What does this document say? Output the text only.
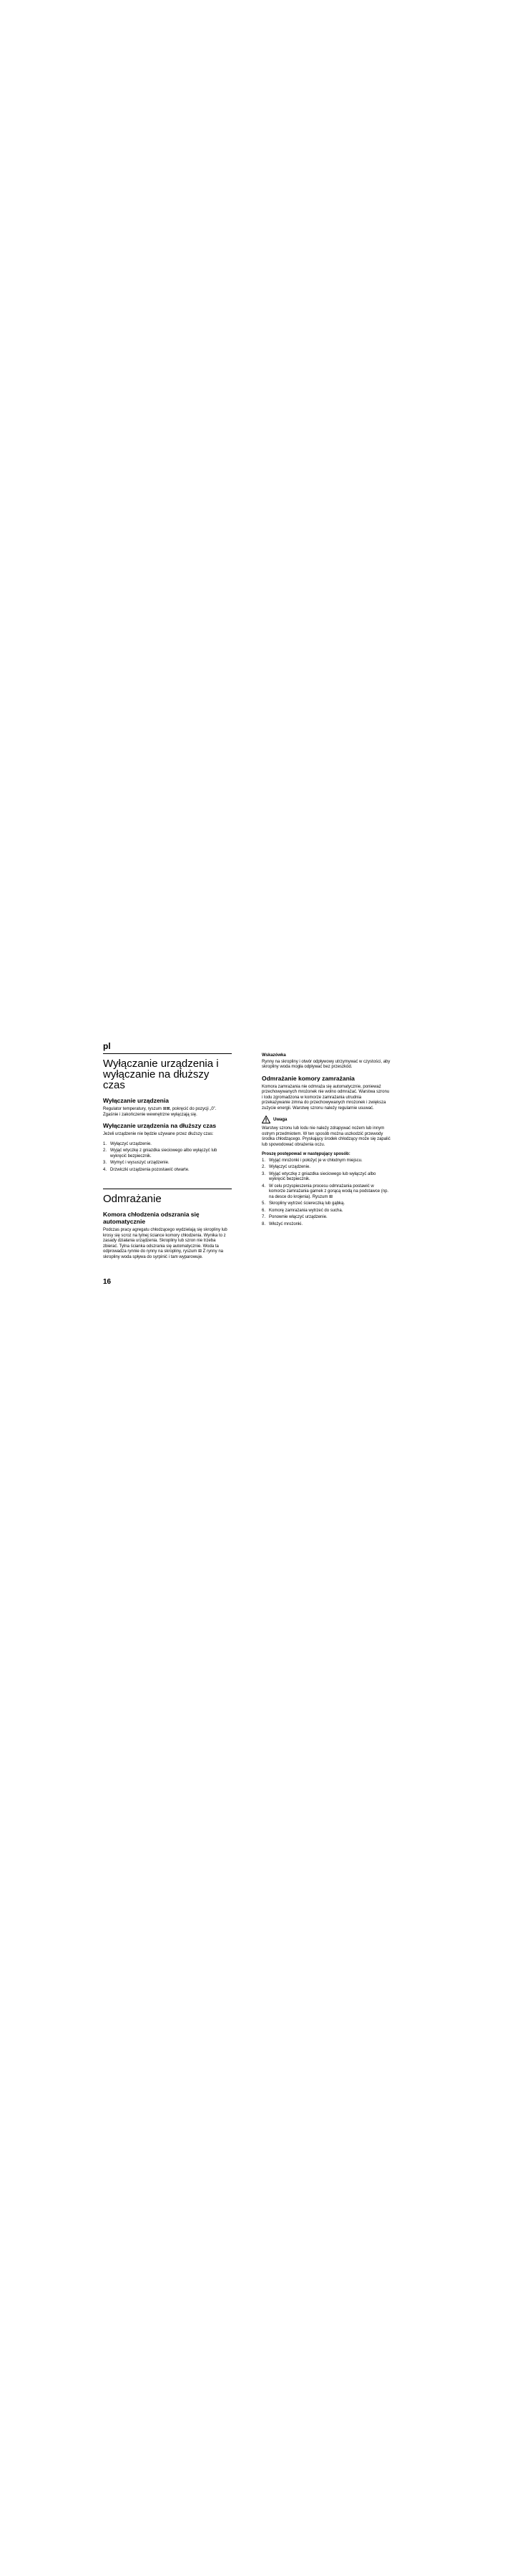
pl
Wyłączanie urządzenia i wyłączanie na dłuższy czas
Wyłączanie urządzenia
Regulator temperatury, ryszum ⊞⊠, pokręcić do pozycji „0”. Zgaśnie i zakończenie wewnętrzne wyłączają się.
Wyłączanie urządzenia na dłuższy czas
Jeżeli urządzenie nie będzie używane przez dłuższy czas:
1. Wyłączyć urządzenie.
2. Wyjąć wtyczkę z gniazdka sieciowego albo wyłączyć lub wykręcić bezpiecznik.
3. Wymyć i wysuszyć urządzenie.
4. Drzwiczki urządzenia pozostawić otwarte.
Odmrażanie
Komora chłodzenia odszrania się automatycznie
Podczas pracy agregatu chłodzącego wydzielają się skropliny lub krosy się scroz na tylnej ściance komory chłodzenia. Wynika to z zasady działania urządzenia. Skropliny lub szron nie trzeba zbierać. Tylna ścianka odszrania się automatycznie. Woda ta odprowadza rynnie do rynny na skropliny, ryszum ⊞ Z rynny na skropliny woda spływa do syrpinić i tam wyparowuje.
Wskazówka
Rynny na skropliny i otwór odpływowy utrzymywać w czystości, aby skropliny woda mogła odpływać bez przeszkód.
Odmrażanie komory zamrażania
Komora zamrażania nie odmraża się automatycznie, ponieważ przechowywanych mrożonek nie wolno odmrażać. Warstwa szronu i lodu zgromadzona w komorze zamrażania utrudnia przekazywanie zimna do przechowywanych mrożonek i zwiększa zużycie energii. Warstwę szronu należy regularnie usuwać.
Uwaga
Warstwy szronu lub lodu nie należy zdrapywać nożem lub innym ostrym przedmiotem. W ten sposób można uszkodzić przewody środka chłodzącego. Pryskający środek chłodzący może się zapalić lub spowodować obrażenia oczu.
Proszę postępować w następujący sposób:
1. Wyjąć mrożonki i położyć je w chłodnym miejscu.
2. Wyłączyć urządzenie.
3. Wyjąć wtyczkę z gniazdka sieciowego lub wyłączyć albo wykręcić bezpiecznik.
4. W celu przyspieszenia procesu odmrażania postawić w komorze zamrażania garnek z gorącą wodą na podstawce (np. na desce do krojenia). Ryszum ⊞
5. Skropliny wytrzeć ściereczką lub gąbką.
6. Komorę zamrażania wytrzeć do sucha.
7. Ponownie włączyć urządzenie.
8. Włożyć mrożonki.
16
